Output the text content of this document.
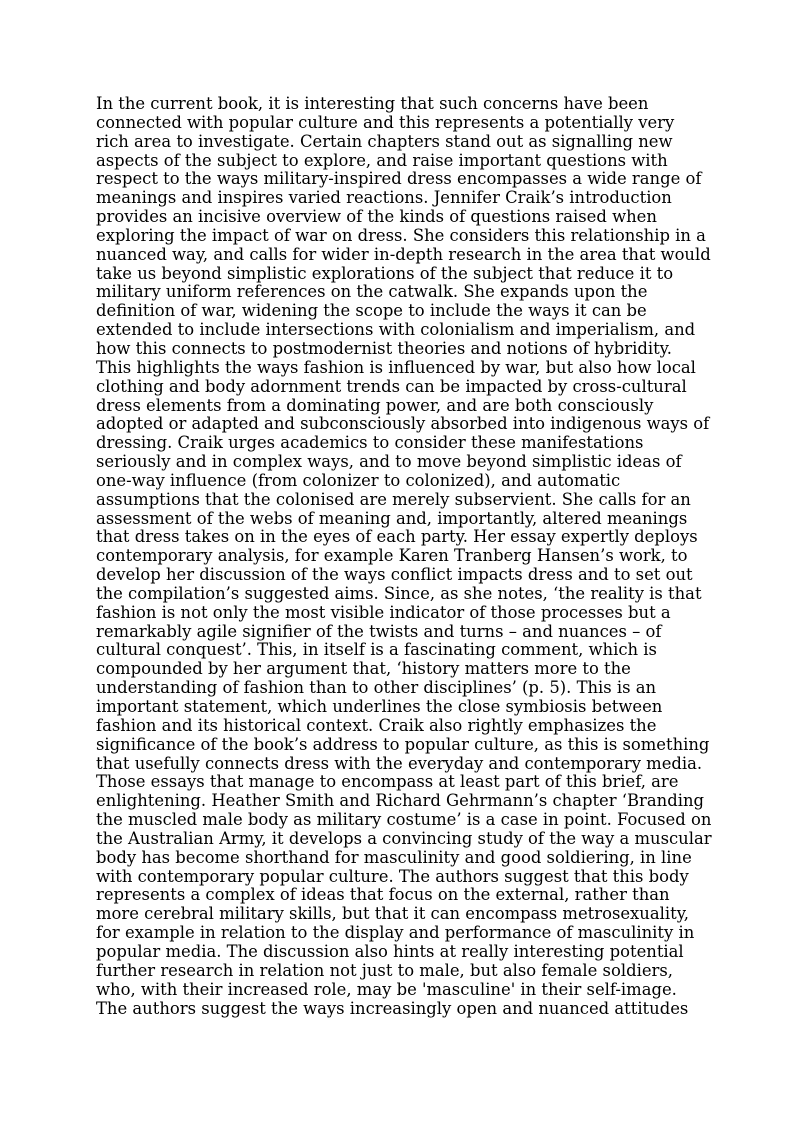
In the current book, it is interesting that such concerns have been
connected with popular culture and this represents a potentially very
rich area to investigate. Certain chapters stand out as signalling new
aspects of the subject to explore, and raise important questions with
respect to the ways military-inspired dress encompasses a wide range of
meanings and inspires varied reactions. Jennifer Craik’s introduction
provides an incisive overview of the kinds of questions raised when
exploring the impact of war on dress. She considers this relationship in a
nuanced way, and calls for wider in-depth research in the area that would
take us beyond simplistic explorations of the subject that reduce it to
military uniform references on the catwalk. She expands upon the
definition of war, widening the scope to include the ways it can be
extended to include intersections with colonialism and imperialism, and
how this connects to postmodernist theories and notions of hybridity.
This highlights the ways fashion is influenced by war, but also how local
clothing and body adornment trends can be impacted by cross-cultural
dress elements from a dominating power, and are both consciously
adopted or adapted and subconsciously absorbed into indigenous ways of
dressing. Craik urges academics to consider these manifestations
seriously and in complex ways, and to move beyond simplistic ideas of
one-way influence (from colonizer to colonized), and automatic
assumptions that the colonised are merely subservient. She calls for an
assessment of the webs of meaning and, importantly, altered meanings
that dress takes on in the eyes of each party. Her essay expertly deploys
contemporary analysis, for example Karen Tranberg Hansen’s work, to
develop her discussion of the ways conflict impacts dress and to set out
the compilation’s suggested aims. Since, as she notes, ‘the reality is that
fashion is not only the most visible indicator of those processes but a
remarkably agile signifier of the twists and turns – and nuances – of
cultural conquest’. This, in itself is a fascinating comment, which is
compounded by her argument that, ‘history matters more to the
understanding of fashion than to other disciplines’ (p. 5). This is an
important statement, which underlines the close symbiosis between
fashion and its historical context. Craik also rightly emphasizes the
significance of the book’s address to popular culture, as this is something
that usefully connects dress with the everyday and contemporary media.
Those essays that manage to encompass at least part of this brief, are
enlightening. Heather Smith and Richard Gehrmann’s chapter ‘Branding
the muscled male body as military costume’ is a case in point. Focused on
the Australian Army, it develops a convincing study of the way a muscular
body has become shorthand for masculinity and good soldiering, in line
with contemporary popular culture. The authors suggest that this body
represents a complex of ideas that focus on the external, rather than
more cerebral military skills, but that it can encompass metrosexuality,
for example in relation to the display and performance of masculinity in
popular media. The discussion also hints at really interesting potential
further research in relation not just to male, but also female soldiers,
who, with their increased role, may be 'masculine' in their self-image.
The authors suggest the ways increasingly open and nuanced attitudes
